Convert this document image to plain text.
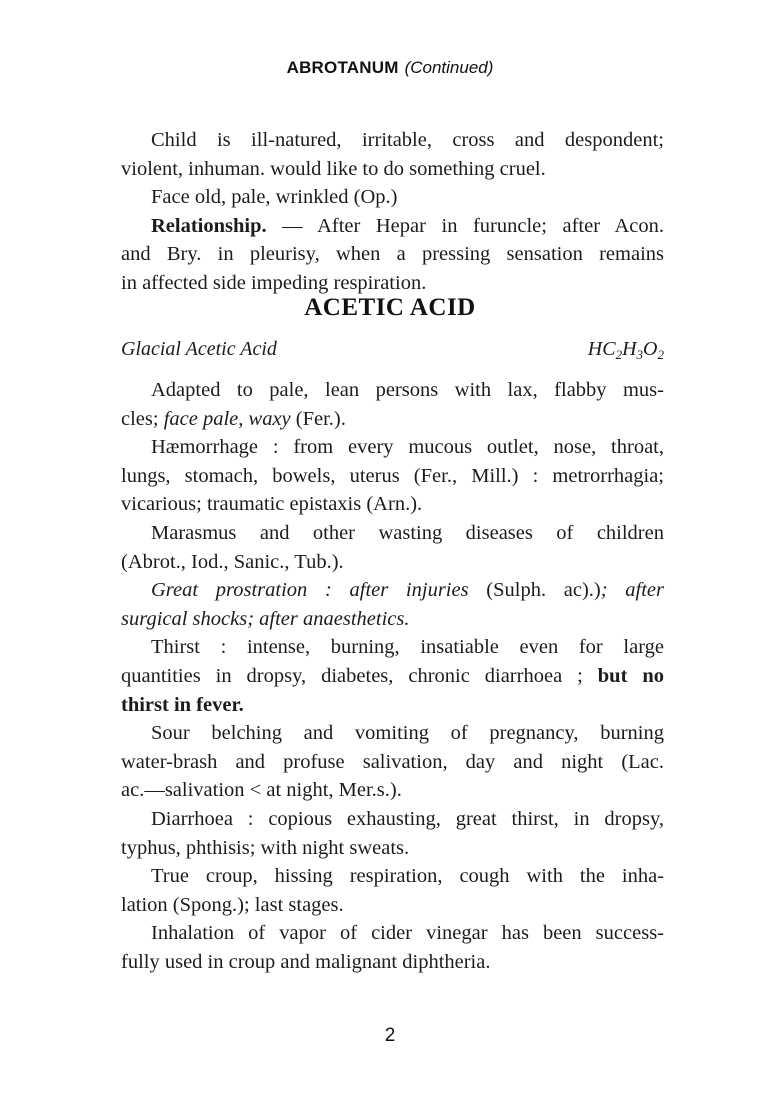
ABROTANUM (Continued)
Child is ill-natured, irritable, cross and despondent;
violent, inhuman. would like to do something cruel.
Face old, pale, wrinkled (Op.)
Relationship. — After Hepar in furuncle; after Acon.
and Bry. in pleurisy, when a pressing sensation remains
in affected side impeding respiration.
ACETIC ACID
Glacial Acetic Acid	$HC_2H_3O_2$
Adapted to pale, lean persons with lax, flabby mus-
cles; face pale, waxy (Fer.).
Hæmorrhage : from every mucous outlet, nose, throat,
lungs, stomach, bowels, uterus (Fer., Mill.) : metrorrhagia;
vicarious; traumatic epistaxis (Arn.).
Marasmus and other wasting diseases of children
(Abrot., Iod., Sanic., Tub.).
Great prostration : after injuries (Sulph. ac).); after
surgical shocks; after anaesthetics.
Thirst : intense, burning, insatiable even for large
quantities in dropsy, diabetes, chronic diarrhoea ; but no
thirst in fever.
Sour belching and vomiting of pregnancy, burning
water-brash and profuse salivation, day and night (Lac.
ac.—salivation < at night, Mer.s.).
Diarrhoea : copious exhausting, great thirst, in dropsy,
typhus, phthisis; with night sweats.
True croup, hissing respiration, cough with the inha-
lation (Spong.); last stages.
Inhalation of vapor of cider vinegar has been success-
fully used in croup and malignant diphtheria.
2
